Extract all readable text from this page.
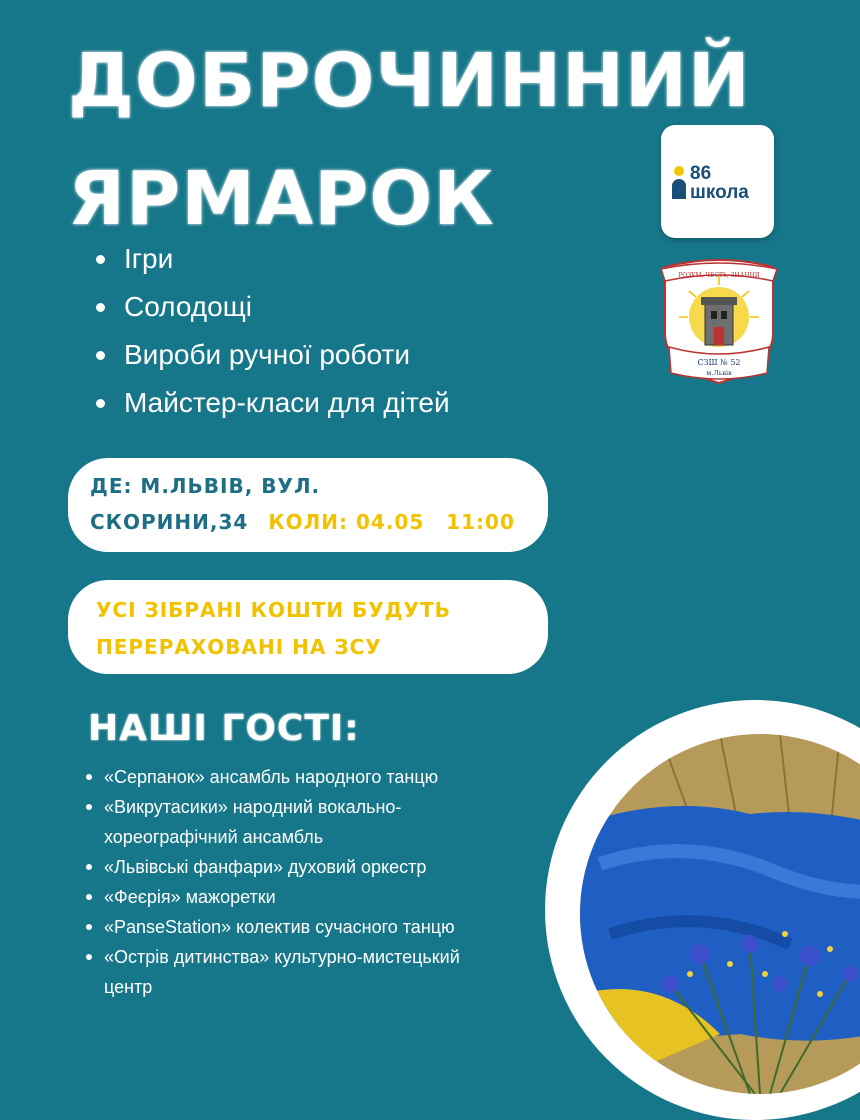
ДОБРОЧИННИЙ
ЯРМАРОК
Ігри
Солодощі
Вироби ручної роботи
Майстер-класи для дітей
86
школа
РОЗУМ, ЧЕСТЬ, ЗНАННЯ
СЗШ № 52
м.Львів
ДЕ: М.ЛЬВІВ, ВУЛ.
СКОРИНИ,34 КОЛИ: 04.05 11:00
УСІ ЗІБРАНІ КОШТИ БУДУТЬ
ПЕРЕРАХОВАНІ НА ЗСУ
НАШІ ГОСТІ:
«Серпанок» ансамбль народного танцю
«Викрутасики» народний вокально-хореографічний ансамбль
«Львівські фанфари» духовий оркестр
«Феєрія» мажоретки
«PanseStation» колектив сучасного танцю
«Острів дитинства» культурно-мистецький центр
